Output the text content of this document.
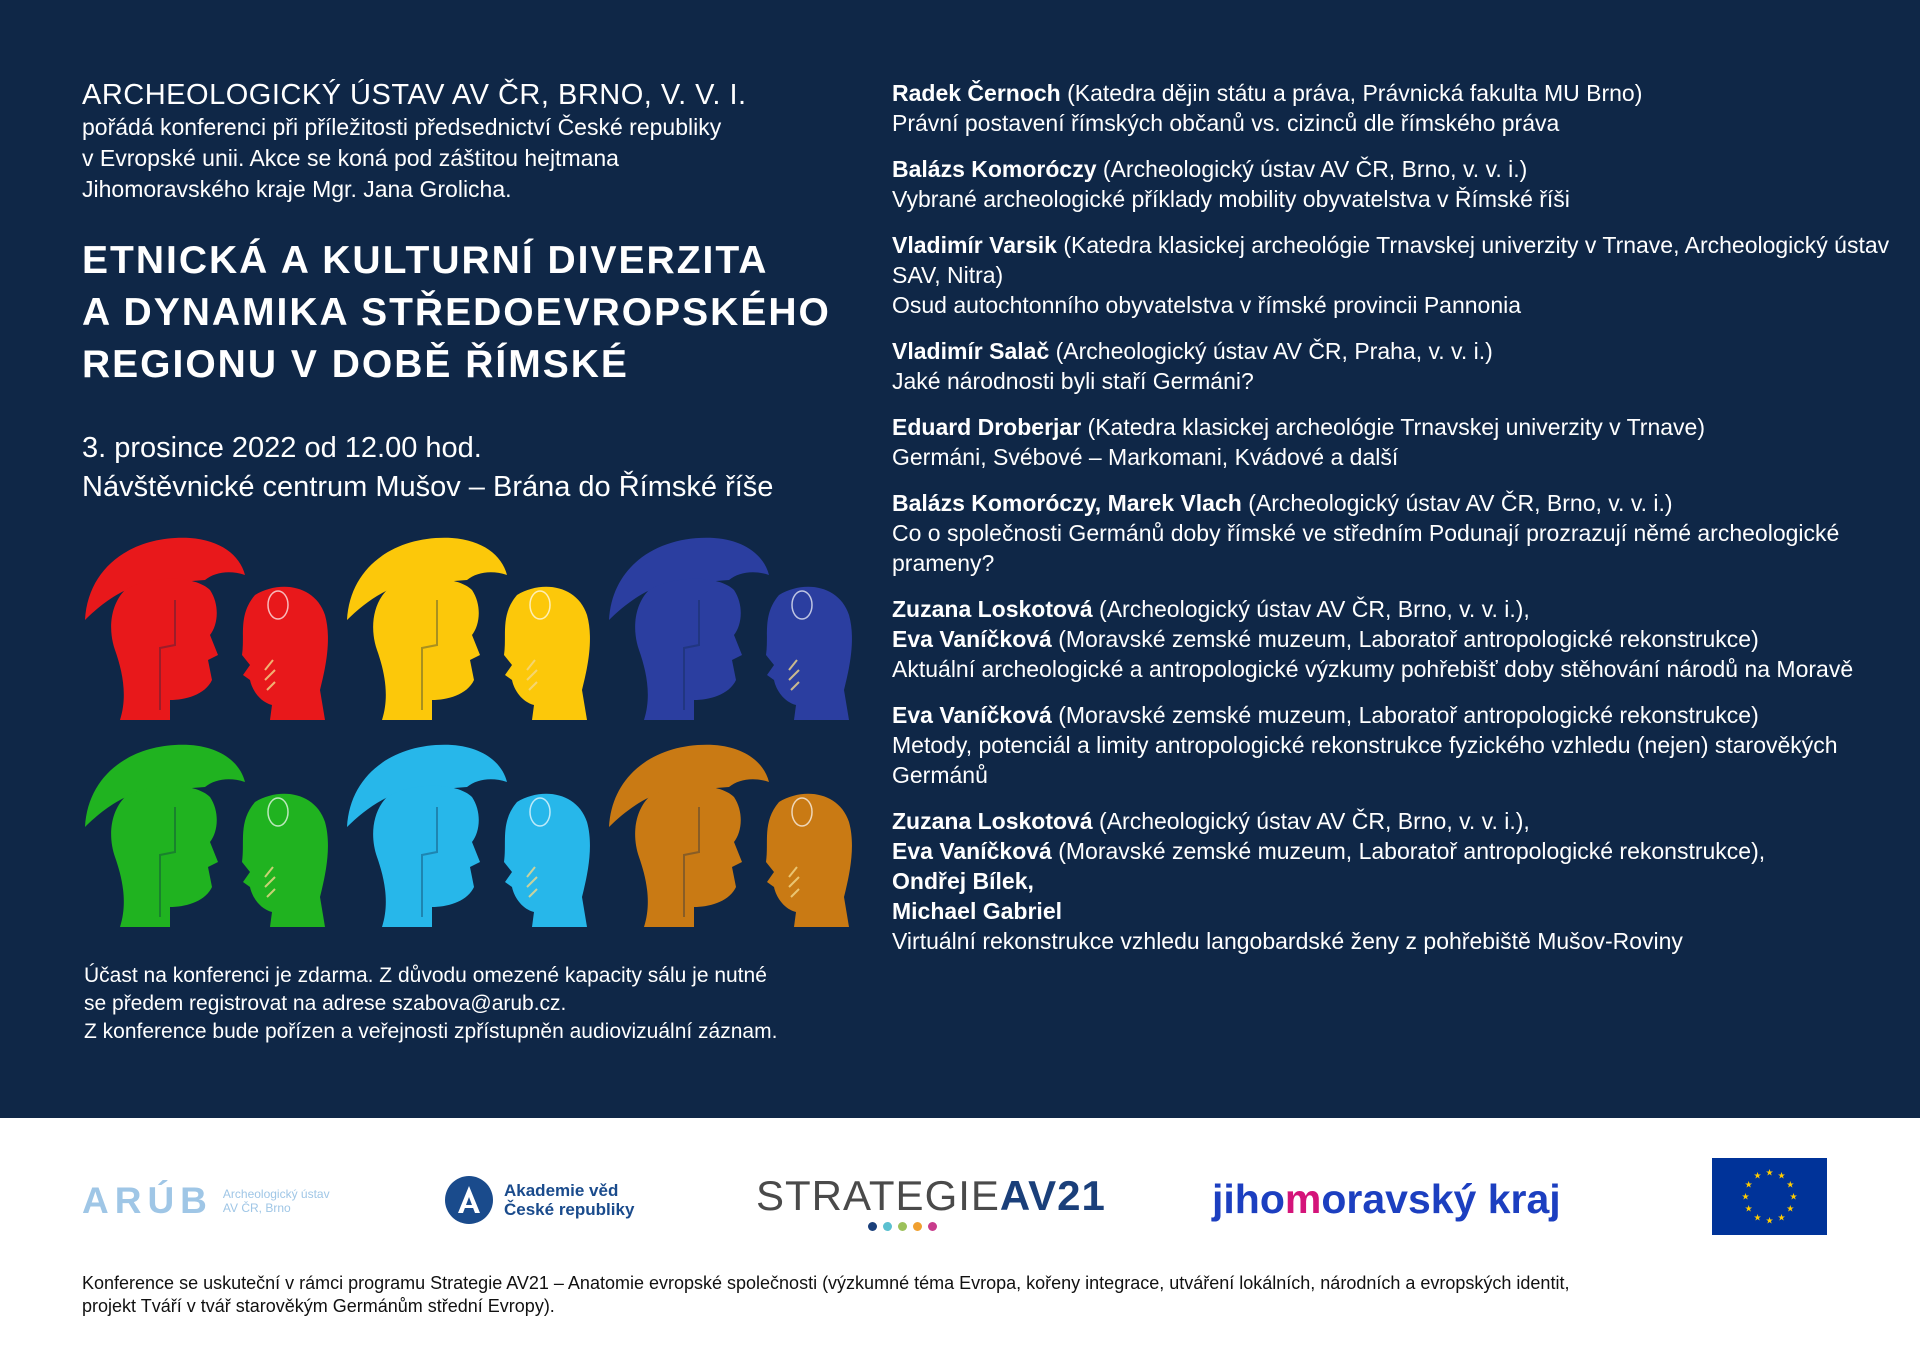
ARCHEOLOGICKÝ ÚSTAV AV ČR, BRNO, V. V. I.

pořádá konferenci při příležitosti předsednictví České republiky

v Evropské unii. Akce se koná pod záštitou hejtmana

Jihomoravského kraje Mgr. Jana Grolicha.

ETNICKÁ A KULTURNÍ DIVERZITA
A DYNAMIKA STŘEDOEVROPSKÉHO
REGIONU V DOBĚ ŘÍMSKÉ
3. prosince 2022 od 12.00 hod.
Návštěvnické centrum Mušov – Brána do Římské říše
Účast na konferenci je zdarma. Z důvodu omezené kapacity sálu je nutné
se předem registrovat na adrese szabova@arub.cz.
Z konference bude pořízen a veřejnosti zpřístupněn audiovizuální záznam.

Radek Černoch (Katedra dějin státu a práva, Právnická fakulta MU Brno)

Právní postavení římských občanů vs. cizinců dle římského práva

Balázs Komoróczy (Archeologický ústav AV ČR, Brno, v. v. i.)

Vybrané archeologické příklady mobility obyvatelstva v Římské říši

Vladimír Varsik (Katedra klasickej archeológie Trnavskej univerzity v Trnave, Archeologický ústav SAV, Nitra)

Osud autochtonního obyvatelstva v římské provincii Pannonia

Vladimír Salač (Archeologický ústav AV ČR, Praha, v. v. i.)

Jaké národnosti byli staří Germáni?

Eduard Droberjar (Katedra klasickej archeológie Trnavskej univerzity v Trnave)

Germáni, Svébové – Markomani, Kvádové a další

Balázs Komoróczy, Marek Vlach (Archeologický ústav AV ČR, Brno, v. v. i.)

Co o společnosti Germánů doby římské ve středním Podunají prozrazují němé archeologické prameny?

Zuzana Loskotová (Archeologický ústav AV ČR, Brno, v. v. i.),

Eva Vaníčková (Moravské zemské muzeum, Laboratoř antropologické rekonstrukce)

Aktuální archeologické a antropologické výzkumy pohřebišť doby stěhování národů na Moravě

Eva Vaníčková (Moravské zemské muzeum, Laboratoř antropologické rekonstrukce)

Metody, potenciál a limity antropologické rekonstrukce fyzického vzhledu (nejen) starověkých Germánů

Zuzana Loskotová (Archeologický ústav AV ČR, Brno, v. v. i.),

Eva Vaníčková (Moravské zemské muzeum, Laboratoř antropologické rekonstrukce),

Ondřej Bílek,

Michael Gabriel

Virtuální rekonstrukce vzhledu langobardské ženy z pohřebiště Mušov-Roviny

ARÚB Archeologický ústav
AV ČR, Brno
Akademie věd
České republiky	STRATEGIEAV21	jihomoravský kraj
★ ★
★
★
★
★
★
★
★
★
★
★
Konference se uskuteční v rámci programu Strategie AV21 – Anatomie evropské společnosti (výzkumné téma Evropa, kořeny integrace, utváření lokálních, národních a evropských identit,
projekt Tváří v tvář starověkým Germánům střední Evropy).
